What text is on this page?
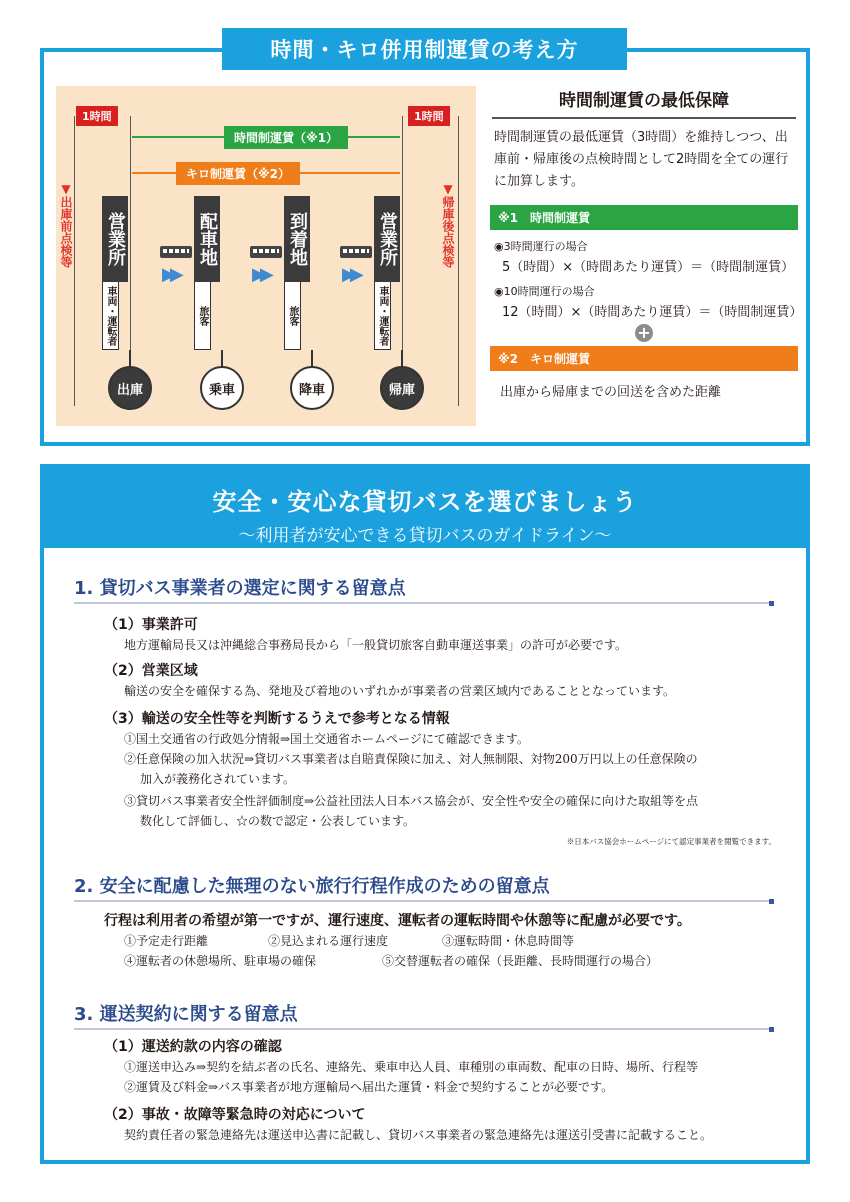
時間・キロ併用制運賃の考え方
1時間	1時間
時間制運賃（※1）
キロ制運賃（※2）
▼出庫前点検等	▼帰庫後点検等
営業所
車両・運転者
配車地
旅客
到着地
旅客
営業所
車両・運転者
出庫	乗車	降車	帰庫
▶▶	▶▶	▶▶
時間制運賃の最低保障
時間制運賃の最低運賃（3時間）を維持しつつ、出庫前・帰庫後の点検時間として2時間を全ての運行に加算します。
※1　時間制運賃
◉3時間運行の場合
5（時間）×（時間あたり運賃）＝（時間制運賃）
◉10時間運行の場合
12（時間）×（時間あたり運賃）＝（時間制運賃）
+
※2　キロ制運賃
出庫から帰庫までの回送を含めた距離
安全・安心な貸切バスを選びましょう
〜利用者が安心できる貸切バスのガイドライン〜
1. 貸切バス事業者の選定に関する留意点
（1）事業許可
地方運輸局長又は沖縄総合事務局長から「一般貸切旅客自動車運送事業」の許可が必要です。
（2）営業区域
輸送の安全を確保する為、発地及び着地のいずれかが事業者の営業区域内であることとなっています。
（3）輸送の安全性等を判断するうえで参考となる情報
①国土交通省の行政処分情報⇒国土交通省ホームページにて確認できます。
②任意保険の加入状況⇒貸切バス事業者は自賠責保険に加え、対人無制限、対物200万円以上の任意保険の
加入が義務化されています。
③貸切バス事業者安全性評価制度⇒公益社団法人日本バス協会が、安全性や安全の確保に向けた取組等を点
数化して評価し、☆の数で認定・公表しています。
※日本バス協会ホームページにて認定事業者を閲覧できます。
2. 安全に配慮した無理のない旅行行程作成のための留意点
行程は利用者の希望が第一ですが、運行速度、運転者の運転時間や休憩等に配慮が必要です。
①予定走行距離	②見込まれる運行速度	③運転時間・休息時間等
④運転者の休憩場所、駐車場の確保	⑤交替運転者の確保（長距離、長時間運行の場合）
3. 運送契約に関する留意点
（1）運送約款の内容の確認
①運送申込み⇒契約を結ぶ者の氏名、連絡先、乗車申込人員、車種別の車両数、配車の日時、場所、行程等
②運賃及び料金⇒バス事業者が地方運輸局へ届出た運賃・料金で契約することが必要です。
（2）事故・故障等緊急時の対応について
契約責任者の緊急連絡先は運送申込書に記載し、貸切バス事業者の緊急連絡先は運送引受書に記載すること。
